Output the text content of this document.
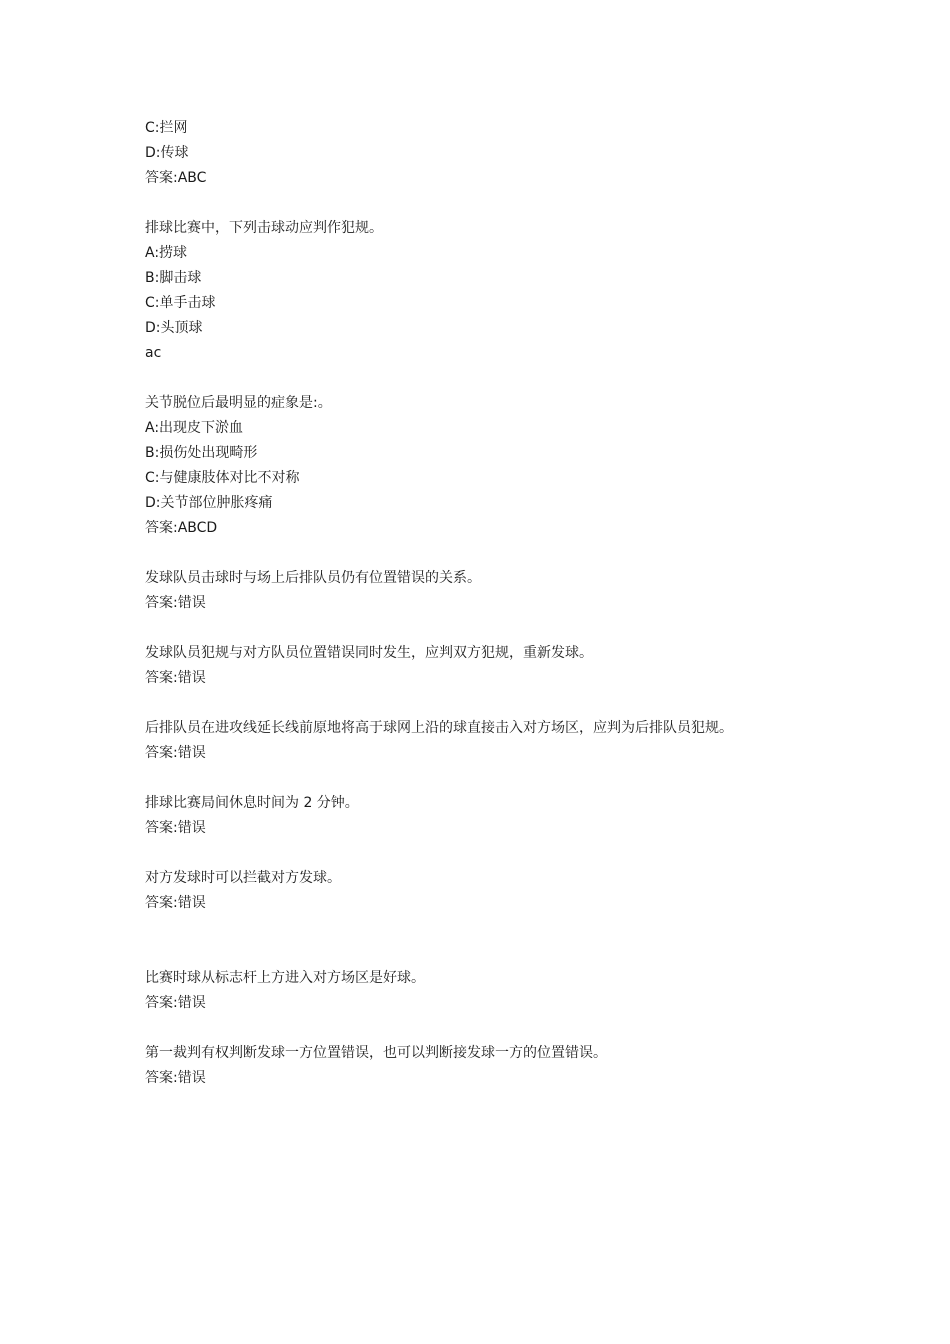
C:拦网
D:传球
答案:ABC
排球比赛中，下列击球动应判作犯规。
A:捞球
B:脚击球
C:单手击球
D:头顶球
ac
关节脱位后最明显的症象是:。
A:出现皮下淤血
B:损伤处出现畸形
C:与健康肢体对比不对称
D:关节部位肿胀疼痛
答案:ABCD
发球队员击球时与场上后排队员仍有位置错误的关系。
答案:错误
发球队员犯规与对方队员位置错误同时发生，应判双方犯规，重新发球。
答案:错误
后排队员在进攻线延长线前原地将高于球网上沿的球直接击入对方场区，应判为后排队员犯规。
答案:错误
排球比赛局间休息时间为 2 分钟。
答案:错误
对方发球时可以拦截对方发球。
答案:错误
比赛时球从标志杆上方进入对方场区是好球。
答案:错误
第一裁判有权判断发球一方位置错误，也可以判断接发球一方的位置错误。
答案:错误
